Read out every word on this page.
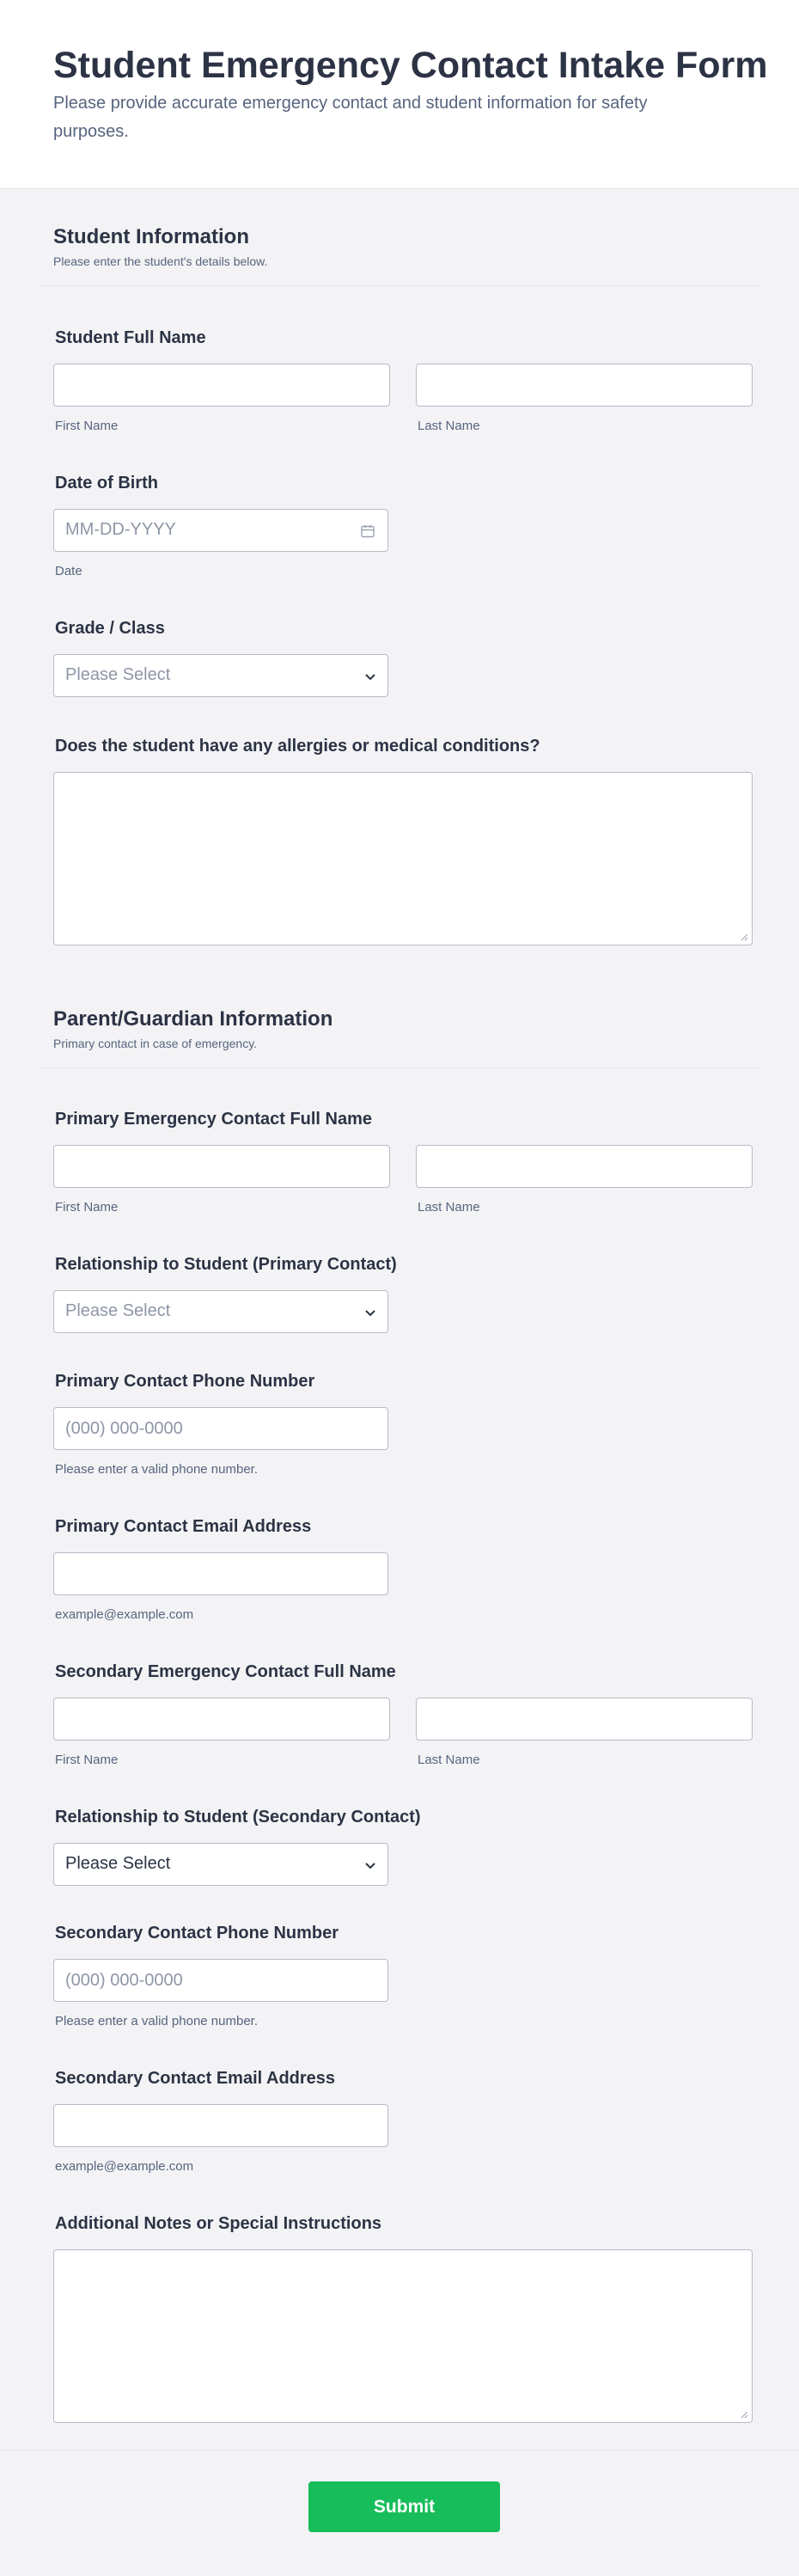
Student Emergency Contact Intake Form

Please provide accurate emergency contact and student information for safety purposes.

Student Information
Please enter the student's details below.
Student Full Name
First Name	Last Name
Date of Birth
MM-DD-YYYY
Date
Grade / Class
Please Select
Does the student have any allergies or medical conditions?
Parent/Guardian Information
Primary contact in case of emergency.
Primary Emergency Contact Full Name
First Name	Last Name
Relationship to Student (Primary Contact)
Please Select
Primary Contact Phone Number
(000) 000-0000
Please enter a valid phone number.
Primary Contact Email Address
example@example.com
Secondary Emergency Contact Full Name
First Name	Last Name
Relationship to Student (Secondary Contact)
Please Select
Secondary Contact Phone Number
(000) 000-0000
Please enter a valid phone number.
Secondary Contact Email Address
example@example.com
Additional Notes or Special Instructions
Submit
